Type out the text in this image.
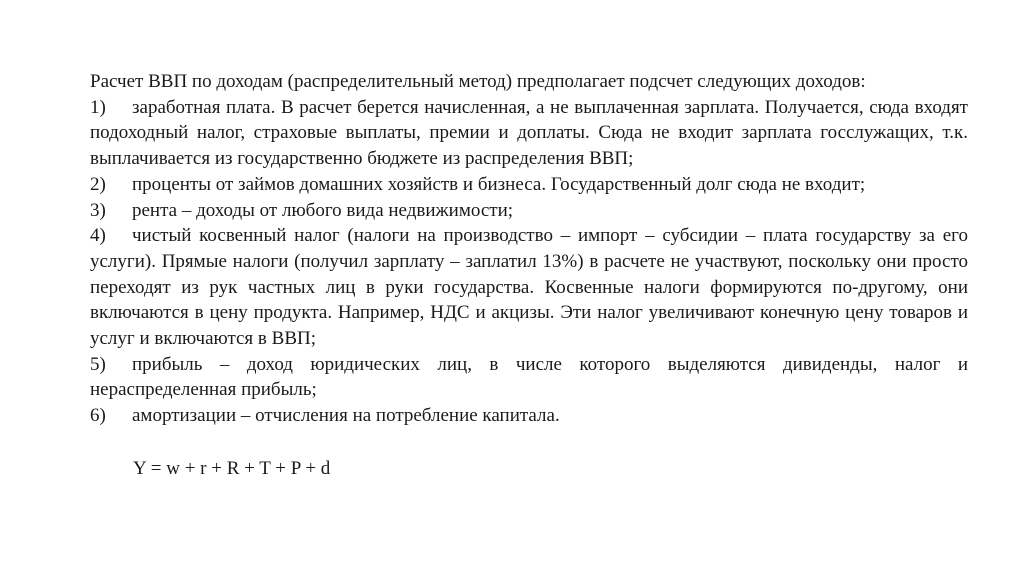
Расчет ВВП по доходам (распределительный метод) предполагает подсчет следующих доходов:

1) заработная плата. В расчет берется начисленная, а не выплаченная зарплата. Получается, сюда входят подоходный налог, страховые выплаты, премии и доплаты. Сюда не входит зарплата госслужащих, т.к. выплачивается из государственно бюджете из распределения ВВП;

2) проценты от займов домашних хозяйств и бизнеса. Государственный долг сюда не входит;

3) рента – доходы от любого вида недвижимости;

4) чистый косвенный налог (налоги на производство – импорт – субсидии – плата государству за его услуги). Прямые налоги (получил зарплату – заплатил 13%) в расчете не участвуют, поскольку они просто переходят из рук частных лиц в руки государства. Косвенные налоги формируются по-другому, они включаются в цену продукта. Например, НДС и акцизы. Эти налог увеличивают конечную цену товаров и услуг и включаются в ВВП;

5) прибыль – доход юридических лиц, в числе которого выделяются дивиденды, налог и нераспределенная прибыль;

6) амортизации – отчисления на потребление капитала.

Y = w + r + R + T + P + d
